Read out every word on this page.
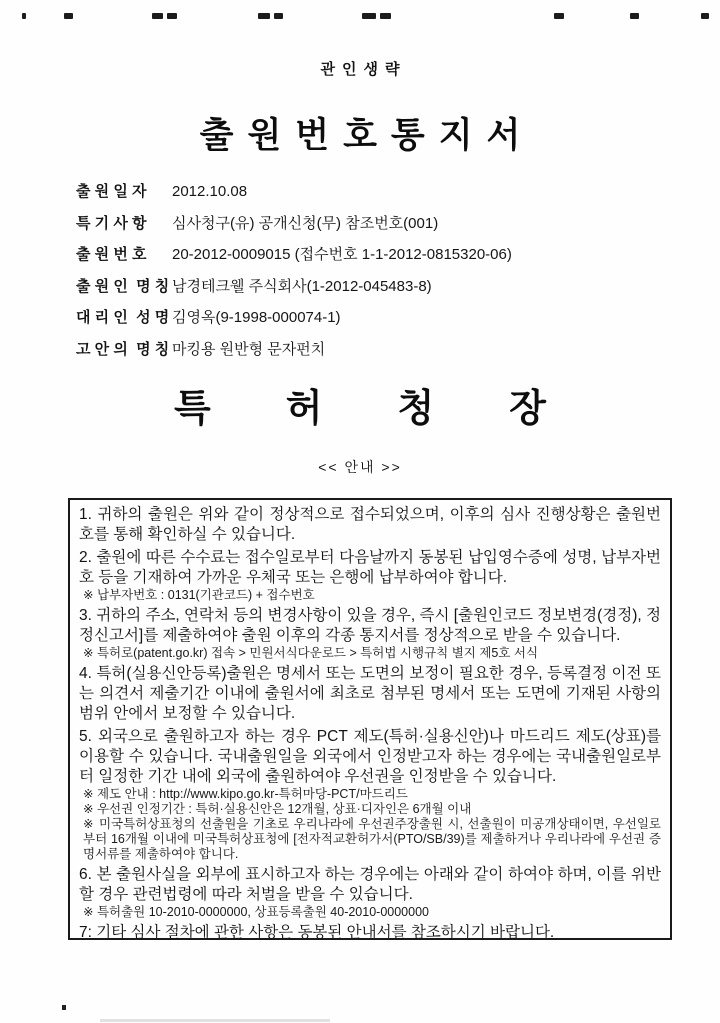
관인생략
출원번호통지서
출 원 일 자	2012.10.08
특 기 사 항	심사청구(유) 공개신청(무) 참조번호(001)
출 원 번 호	20-2012-0009015 (접수번호 1-1-2012-0815320-06)
출 원 인  명 칭 남경테크웰 주식회사(1-2012-045483-8)
대 리 인  성 명 김영옥(9-1998-000074-1)
고 안 의  명 칭 마킹용 원반형 문자펀치
특 허 청 장
<< 안내 >>

1. 귀하의 출원은 위와 같이 정상적으로 접수되었으며, 이후의 심사 진행상황은 출원번호를 통해 확인하실 수 있습니다.

2. 출원에 따른 수수료는 접수일로부터 다음날까지 동봉된 납입영수증에 성명, 납부자번호 등을 기재하여 가까운 우체국 또는 은행에 납부하여야 합니다.

※ 납부자번호 : 0131(기관코드) + 접수번호

3. 귀하의 주소, 연락처 등의 변경사항이 있을 경우, 즉시 [출원인코드 정보변경(경정), 정정신고서]를 제출하여야 출원 이후의 각종 통지서를 정상적으로 받을 수 있습니다.

※ 특허로(patent.go.kr) 접속 > 민원서식다운로드 > 특허법 시행규칙 별지 제5호 서식

4. 특허(실용신안등록)출원은 명세서 또는 도면의 보정이 필요한 경우, 등록결정 이전 또는 의견서 제출기간 이내에 출원서에 최초로 첨부된 명세서 또는 도면에 기재된 사항의 범위 안에서 보정할 수 있습니다.

5. 외국으로 출원하고자 하는 경우 PCT 제도(특허·실용신안)나 마드리드 제도(상표)를 이용할 수 있습니다. 국내출원일을 외국에서 인정받고자 하는 경우에는 국내출원일로부터 일정한 기간 내에 외국에 출원하여야 우선권을 인정받을 수 있습니다.

※ 제도 안내 : http://www.kipo.go.kr-특허마당-PCT/마드리드
※ 우선권 인정기간 : 특허·실용신안은 12개월, 상표·디자인은 6개월 이내
※ 미국특허상표청의 선출원을 기초로 우리나라에 우선권주장출원 시, 선출원이 미공개상태이면, 우선일로부터 16개월 이내에 미국특허상표청에 [전자적교환허가서(PTO/SB/39)를 제출하거나 우리나라에 우선권 증명서류를 제출하여야 합니다.

6. 본 출원사실을 외부에 표시하고자 하는 경우에는 아래와 같이 하여야 하며, 이를 위반할 경우 관련법령에 따라 처벌을 받을 수 있습니다.

※ 특허출원 10-2010-0000000, 상표등록출원 40-2010-0000000

7: 기타 심사 절차에 관한 사항은 동봉된 안내서를 참조하시기 바랍니다.
